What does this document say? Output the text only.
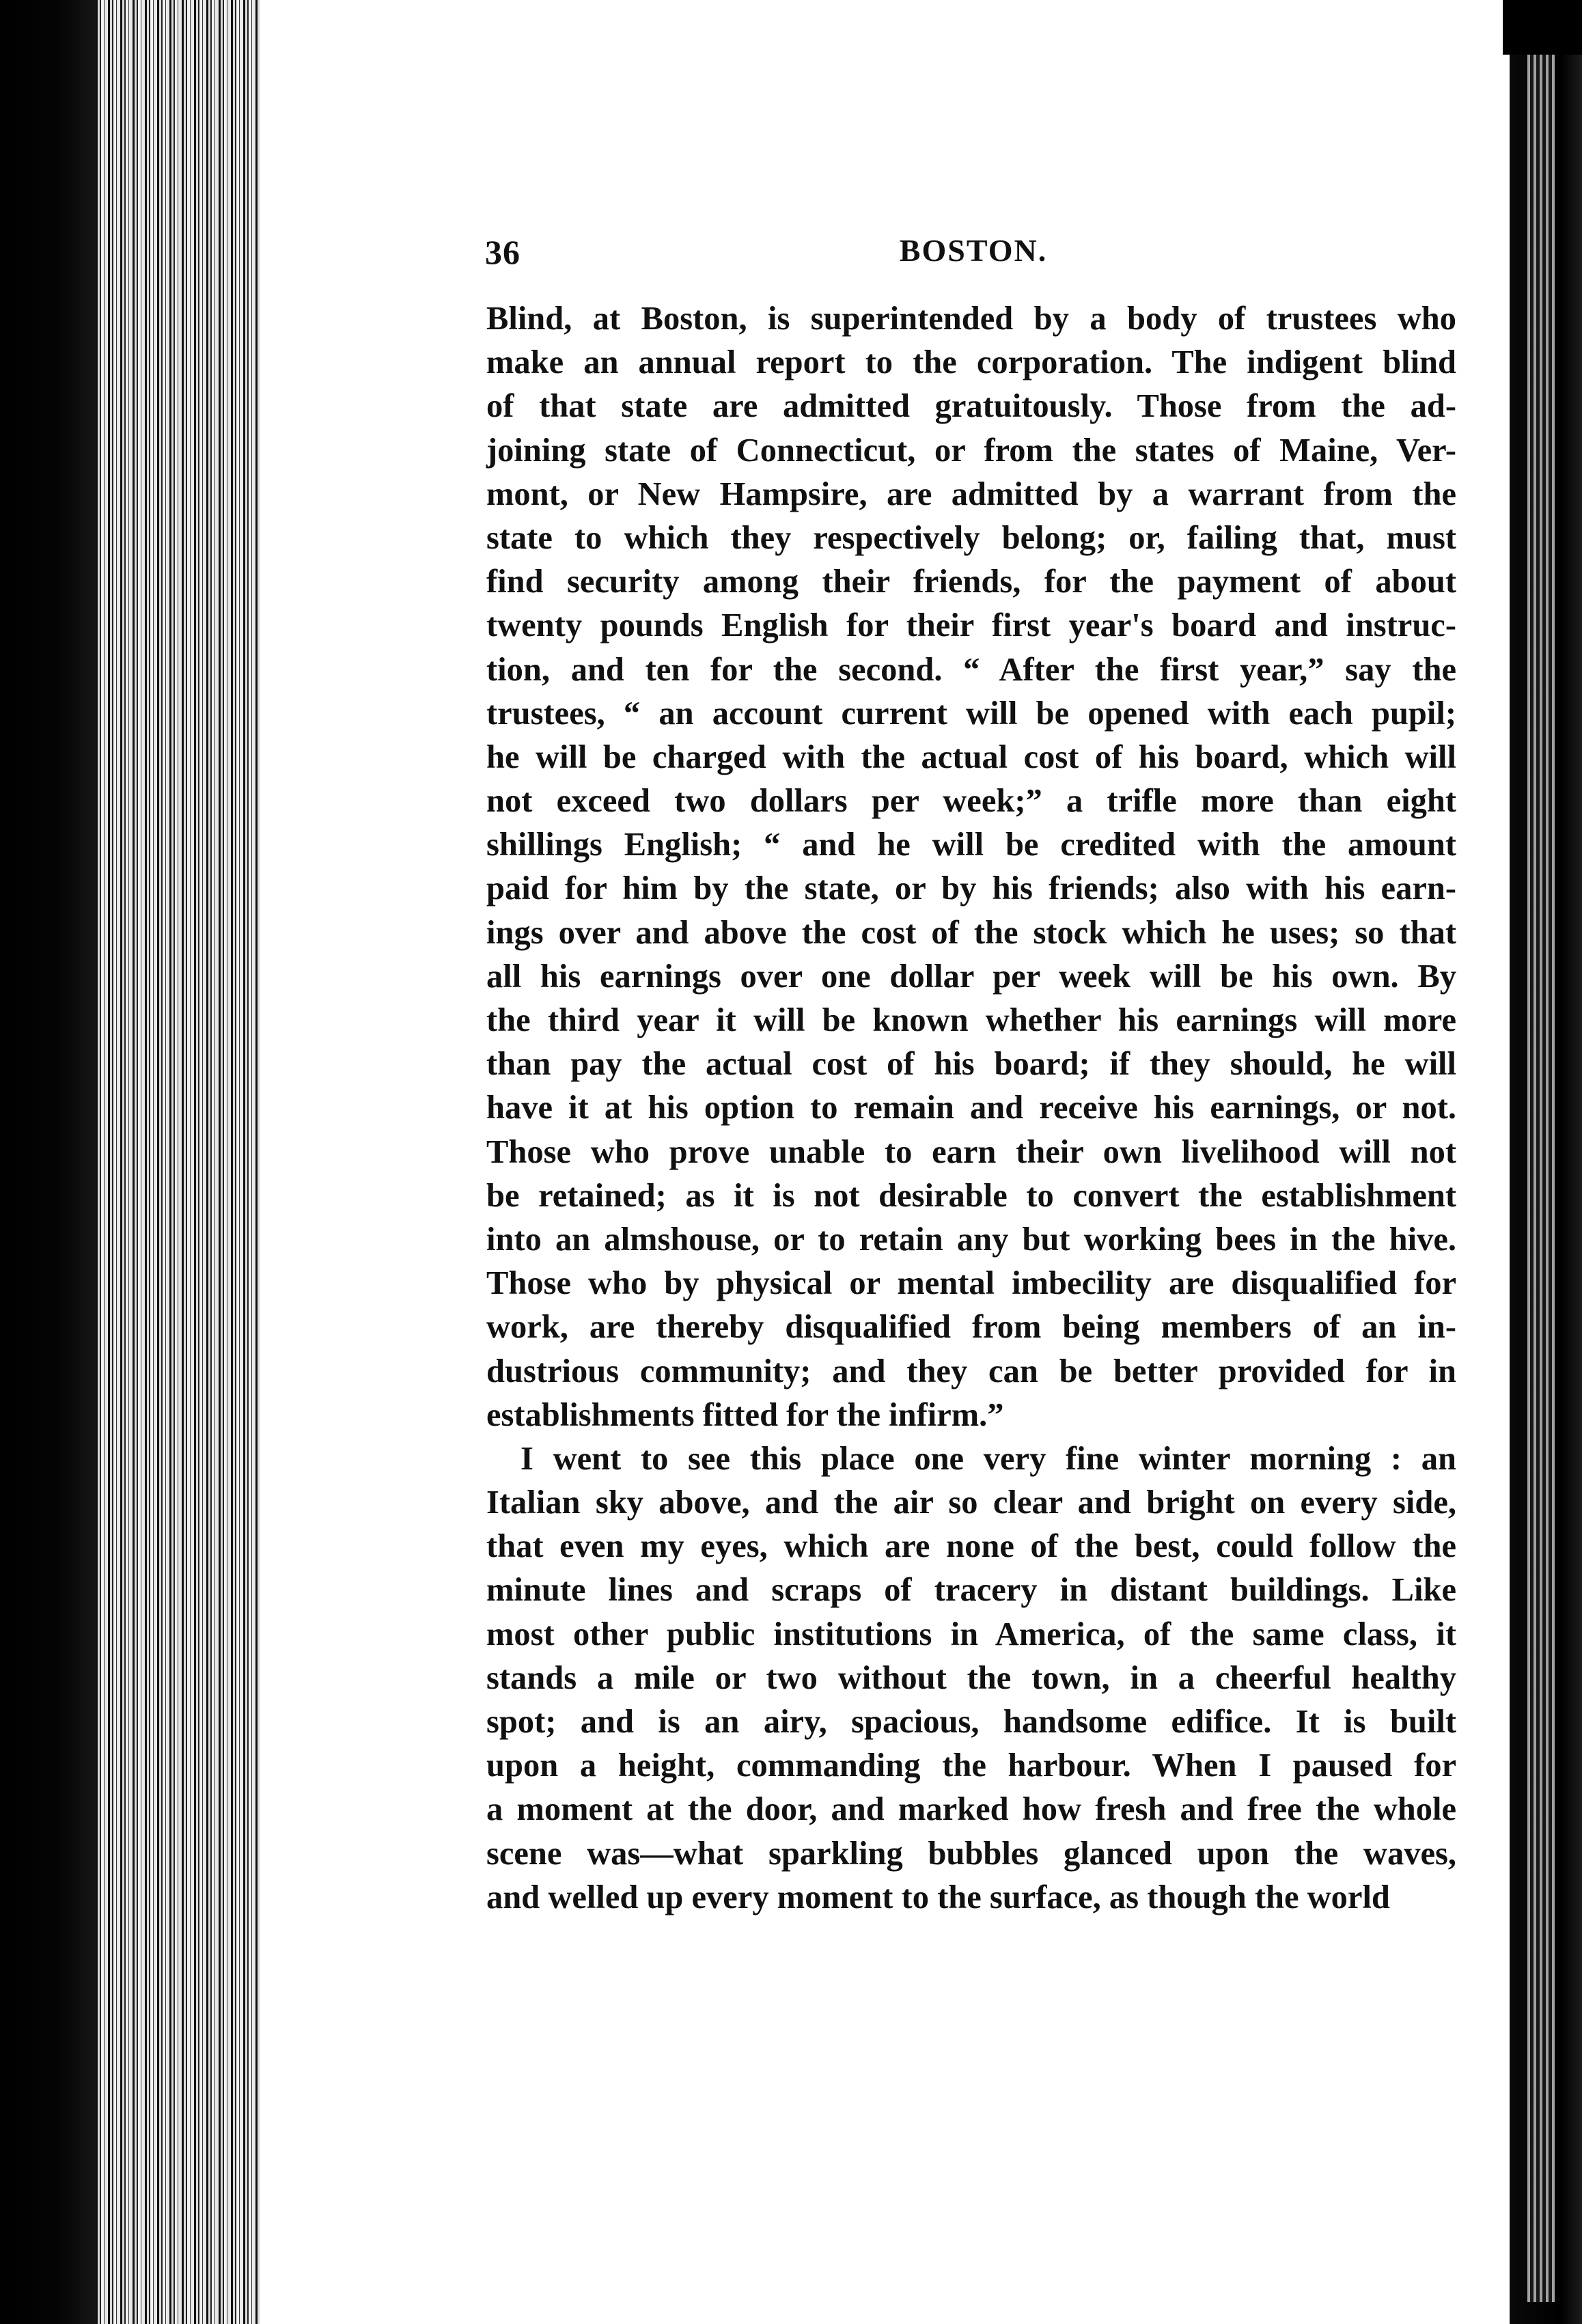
36	BOSTON.
Blind, at Boston, is superintended by a body of trustees who
make an annual report to the corporation. The indigent blind
of that state are admitted gratuitously. Those from the ad-
joining state of Connecticut, or from the states of Maine, Ver-
mont, or New Hampsire, are admitted by a warrant from the
state to which they respectively belong; or, failing that, must
find security among their friends, for the payment of about
twenty pounds English for their first year's board and instruc-
tion, and ten for the second. “ After the first year,” say the
trustees, “ an account current will be opened with each pupil;
he will be charged with the actual cost of his board, which will
not exceed two dollars per week;” a trifle more than eight
shillings English; “ and he will be credited with the amount
paid for him by the state, or by his friends; also with his earn-
ings over and above the cost of the stock which he uses; so that
all his earnings over one dollar per week will be his own. By
the third year it will be known whether his earnings will more
than pay the actual cost of his board; if they should, he will
have it at his option to remain and receive his earnings, or not.
Those who prove unable to earn their own livelihood will not
be retained; as it is not desirable to convert the establishment
into an almshouse, or to retain any but working bees in the hive.
Those who by physical or mental imbecility are disqualified for
work, are thereby disqualified from being members of an in-
dustrious community; and they can be better provided for in
establishments fitted for the infirm.”
I went to see this place one very fine winter morning : an
Italian sky above, and the air so clear and bright on every side,
that even my eyes, which are none of the best, could follow the
minute lines and scraps of tracery in distant buildings. Like
most other public institutions in America, of the same class, it
stands a mile or two without the town, in a cheerful healthy
spot; and is an airy, spacious, handsome edifice. It is built
upon a height, commanding the harbour. When I paused for
a moment at the door, and marked how fresh and free the whole
scene was—what sparkling bubbles glanced upon the waves,
and welled up every moment to the surface, as though the world
